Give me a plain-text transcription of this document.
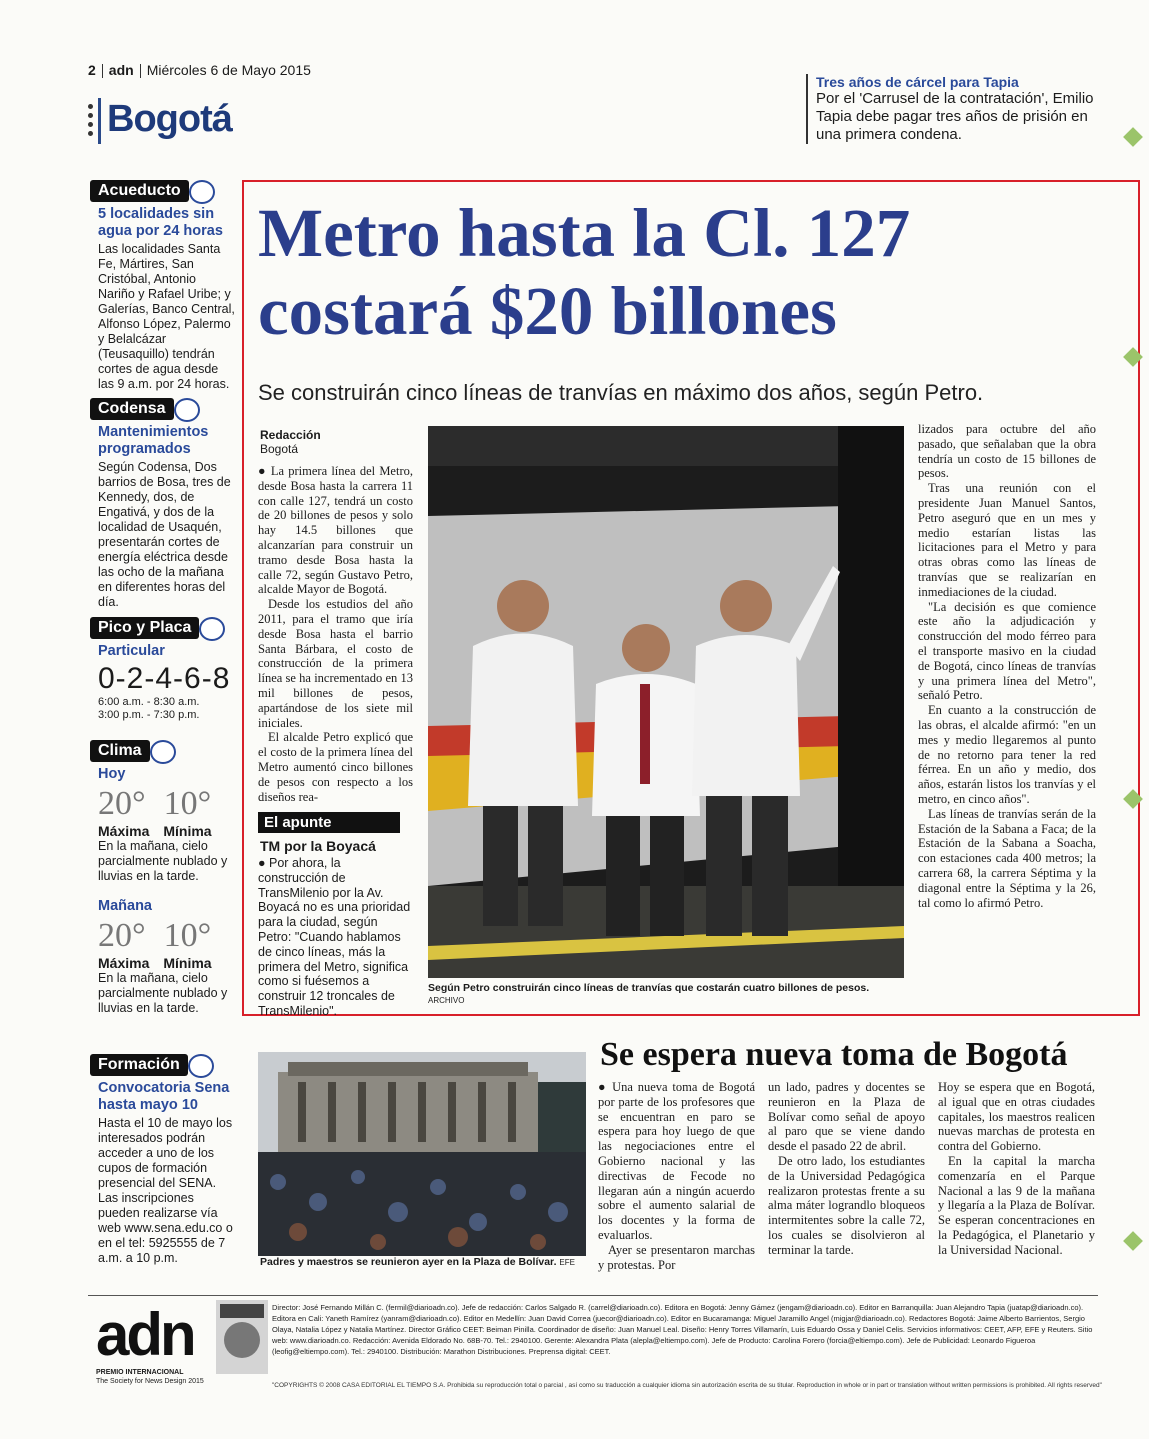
2 adn Miércoles 6 de Mayo 2015
Bogotá
Tres años de cárcel para Tapia
Por el 'Carrusel de la contratación', Emilio Tapia debe pagar tres años de prisión en una primera condena.
Acueducto
5 localidades sin agua por 24 horas

Las localidades Santa Fe, Mártires, San Cristóbal, Antonio Nariño y Rafael Uribe; y Galerías, Banco Central, Alfonso López, Palermo y Belalcázar (Teusaquillo) tendrán cortes de agua desde las 9 a.m. por 24 horas.

Codensa
Mantenimientos programados

Según Codensa, Dos barrios de Bosa, tres de Kennedy, dos, de Engativá, y dos de la localidad de Usaquén, presentarán cortes de energía eléctrica desde las ocho de la mañana en diferentes horas del día.

Pico y Placa
Particular
0-2-4-6-8

6:00 a.m. - 8:30 a.m.

3:00 p.m. - 7:30 p.m.

Clima
Hoy
20° 10°
Máxima Mínima

En la mañana, cielo parcialmente nublado y lluvias en la tarde.

Mañana
20° 10°
Máxima Mínima

En la mañana, cielo parcialmente nublado y lluvias en la tarde.

Formación
Convocatoria Sena hasta mayo 10

Hasta el 10 de mayo los interesados podrán acceder a uno de los cupos de formación presencial del SENA. Las inscripciones pueden realizarse vía web www.sena.edu.co o en el tel: 5925555 de 7 a.m. a 10 p.m.

Metro hasta la Cl. 127 costará $20 billones
Se construirán cinco líneas de tranvías en máximo dos años, según Petro.
Redacción
Bogotá

● La primera línea del Metro, desde Bosa hasta la carrera 11 con calle 127, tendrá un costo de 20 billones de pesos y solo hay 14.5 billones que alcanzarían para construir un tramo desde Bosa hasta la calle 72, según Gustavo Petro, alcalde Mayor de Bogotá.

Desde los estudios del año 2011, para el tramo que iría desde Bosa hasta el barrio Santa Bárbara, el costo de construcción de la primera línea se ha incrementado en 13 mil billones de pesos, apartándose de los siete mil iniciales.

El alcalde Petro explicó que el costo de la primera línea del Metro aumentó cinco billones de pesos con respecto a los diseños rea-

El apunte
TM por la Boyacá
● Por ahora, la construcción de TransMilenio por la Av. Boyacá no es una prioridad para la ciudad, según Petro: "Cuando hablamos de cinco líneas, más la primera del Metro, significa como si fuésemos a construir 12 troncales de TransMilenio".
Según Petro construirán cinco líneas de tranvías que costarán cuatro billones de pesos. ARCHIVO

lizados para octubre del año pasado, que señalaban que la obra tendría un costo de 15 billones de pesos.

Tras una reunión con el presidente Juan Manuel Santos, Petro aseguró que en un mes y medio estarían listas las licitaciones para el Metro y para otras obras como las líneas de tranvías que se realizarían en inmediaciones de la ciudad.

"La decisión es que comience este año la adjudicación y construcción del modo férreo para el transporte masivo en la ciudad de Bogotá, cinco líneas de tranvías y una primera línea del Metro", señaló Petro.

En cuanto a la construcción de las obras, el alcalde afirmó: "en un mes y medio llegaremos al punto de no retorno para tener la red férrea. En un año y medio, dos años, estarán listos los tranvías y el metro, en cinco años".

Las líneas de tranvías serán de la Estación de la Sabana a Faca; de la Estación de la Sabana a Soacha, con estaciones cada 400 metros; la carrera 68, la carrera Séptima y la diagonal entre la Séptima y la 26, tal como lo afirmó Petro.

Padres y maestros se reunieron ayer en la Plaza de Bolívar. EFE
Se espera nueva toma de Bogotá

● Una nueva toma de Bogotá por parte de los profesores que se encuentran en paro se espera para hoy luego de que las negociaciones entre el Gobierno nacional y las directivas de Fecode no llegaran aún a ningún acuerdo sobre el aumento salarial de los docentes y la forma de evaluarlos.

Ayer se presentaron marchas y protestas. Por

un lado, padres y docentes se reunieron en la Plaza de Bolívar como señal de apoyo al paro que se viene dando desde el pasado 22 de abril.

De otro lado, los estudiantes de la Universidad Pedagógica realizaron protestas frente a su alma máter lograndlo bloqueos intermitentes sobre la calle 72, los cuales se disolvieron al terminar la tarde.

Hoy se espera que en Bogotá, al igual que en otras ciudades capitales, los maestros realicen nuevas marchas de protesta en contra del Gobierno.

En la capital la marcha comenzaría en el Parque Nacional a las 9 de la mañana y llegaría a la Plaza de Bolívar. Se esperan concentraciones en la Pedagógica, el Planetario y la Universidad Nacional.

adn
PREMIO INTERNACIONAL
The Society for News Design 2015
Director: José Fernando Millán C. (fermil@diarioadn.co). Jefe de redacción: Carlos Salgado R. (carrel@diarioadn.co). Editora en Bogotá: Jenny Gámez (jengam@diarioadn.co). Editor en Barranquilla: Juan Alejandro Tapia (juatap@diarioadn.co). Editora en Cali: Yaneth Ramírez (yanram@diarioadn.co). Editor en Medellín: Juan David Correa (juecor@diarioadn.co). Editor en Bucaramanga: Miguel Jaramillo Angel (migjar@diarioadn.co). Redactores Bogotá: Jaime Alberto Barrientos, Sergio Olaya, Natalia López y Natalia Martínez. Director Gráfico CEET: Beiman Pinilla. Coordinador de diseño: Juan Manuel Leal. Diseño: Henry Torres Villamarín, Luis Eduardo Ossa y Daniel Celis. Servicios informativos: CEET, AFP, EFE y Reuters. Sitio web: www.diarioadn.co. Redacción: Avenida Eldorado No. 68B-70. Tel.: 2940100. Gerente: Alexandra Plata (alepla@eltiempo.com). Jefe de Producto: Carolina Forero (forcia@eltiempo.com). Jefe de Publicidad: Leonardo Figueroa (leofig@eltiempo.com). Tel.: 2940100. Distribución: Marathon Distribuciones. Preprensa digital: CEET.
"COPYRIGHTS © 2008 CASA EDITORIAL EL TIEMPO S.A. Prohibida su reproducción total o parcial , así como su traducción a cualquier idioma sin autorización escrita de su titular. Reproduction in whole or in part or translation without written permissions is prohibited. All rights reserved"
